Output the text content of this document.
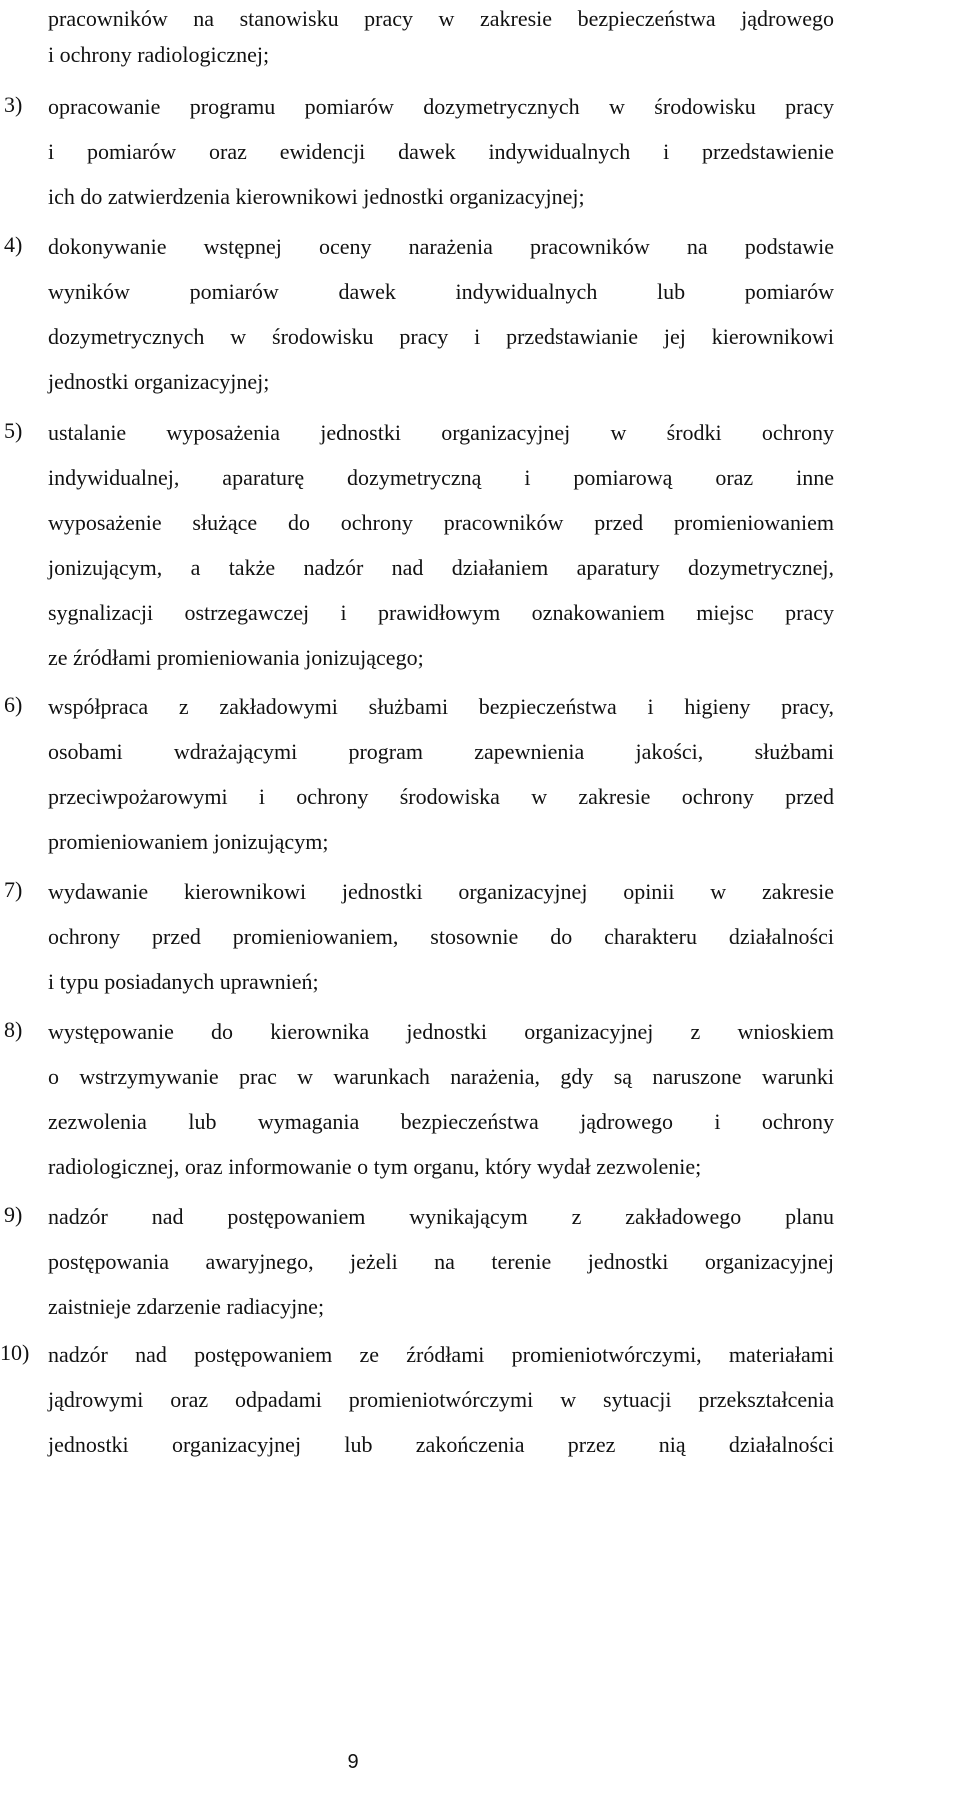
pracowników na stanowisku pracy w zakresie bezpieczeństwa jądrowego
i ochrony radiologicznej;
3) opracowanie programu pomiarów dozymetrycznych w środowisku pracy
i pomiarów oraz ewidencji dawek indywidualnych i przedstawienie
ich do zatwierdzenia kierownikowi jednostki organizacyjnej;
4) dokonywanie wstępnej oceny narażenia pracowników na podstawie
wyników pomiarów dawek indywidualnych lub pomiarów
dozymetrycznych w środowisku pracy i przedstawianie jej kierownikowi
jednostki organizacyjnej;
5) ustalanie wyposażenia jednostki organizacyjnej w środki ochrony
indywidualnej, aparaturę dozymetryczną i pomiarową oraz inne
wyposażenie służące do ochrony pracowników przed promieniowaniem
jonizującym, a także nadzór nad działaniem aparatury dozymetrycznej,
sygnalizacji ostrzegawczej i prawidłowym oznakowaniem miejsc pracy
ze źródłami promieniowania jonizującego;
6) współpraca z zakładowymi służbami bezpieczeństwa i higieny pracy,
osobami wdrażającymi program zapewnienia jakości, służbami
przeciwpożarowymi i ochrony środowiska w zakresie ochrony przed
promieniowaniem jonizującym;
7) wydawanie kierownikowi jednostki organizacyjnej opinii w zakresie
ochrony przed promieniowaniem, stosownie do charakteru działalności
i typu posiadanych uprawnień;
8) występowanie do kierownika jednostki organizacyjnej z wnioskiem
o wstrzymywanie prac w warunkach narażenia, gdy są naruszone warunki
zezwolenia lub wymagania bezpieczeństwa jądrowego i ochrony
radiologicznej, oraz informowanie o tym organu, który wydał zezwolenie;
9) nadzór nad postępowaniem wynikającym z zakładowego planu
postępowania awaryjnego, jeżeli na terenie jednostki organizacyjnej
zaistnieje zdarzenie radiacyjne;
10) nadzór nad postępowaniem ze źródłami promieniotwórczymi, materiałami
jądrowymi oraz odpadami promieniotwórczymi w sytuacji przekształcenia
jednostki organizacyjnej lub zakończenia przez nią działalności
9
